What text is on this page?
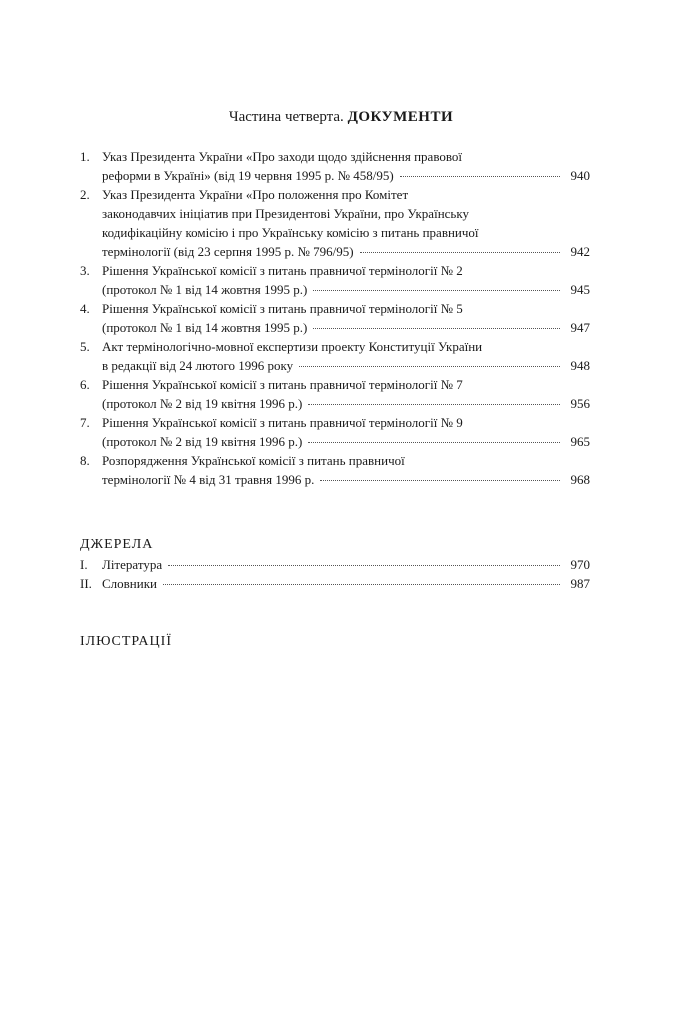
Частина четверта. ДОКУМЕНТИ
1. Указ Президента України «Про заходи щодо здійснення правової
реформи в Україні» (від 19 червня 1995 р. № 458/95)	940
2. Указ Президента України «Про положення про Комітет
законодавчих ініціатив при Президентові України, про Українську
кодифікаційну комісію і про Українську комісію з питань правничої
термінології (від 23 серпня 1995 р. № 796/95)	942
3. Рішення Української комісії з питань правничої термінології № 2
(протокол № 1 від 14 жовтня 1995 р.)	945
4. Рішення Української комісії з питань правничої термінології № 5
(протокол № 1 від 14 жовтня 1995 р.)	947
5. Акт термінологічно-мовної експертизи проекту Конституції України
в редакції від 24 лютого 1996 року	948
6. Рішення Української комісії з питань правничої термінології № 7
(протокол № 2 від 19 квітня 1996 р.)	956
7. Рішення Української комісії з питань правничої термінології № 9
(протокол № 2 від 19 квітня 1996 р.)	965
8. Розпорядження Української комісії з питань правничої
термінології № 4 від 31 травня 1996 р.	968
ДЖЕРЕЛА
I.	Література	970
II. Словники	987
ІЛЮСТРАЦІЇ
